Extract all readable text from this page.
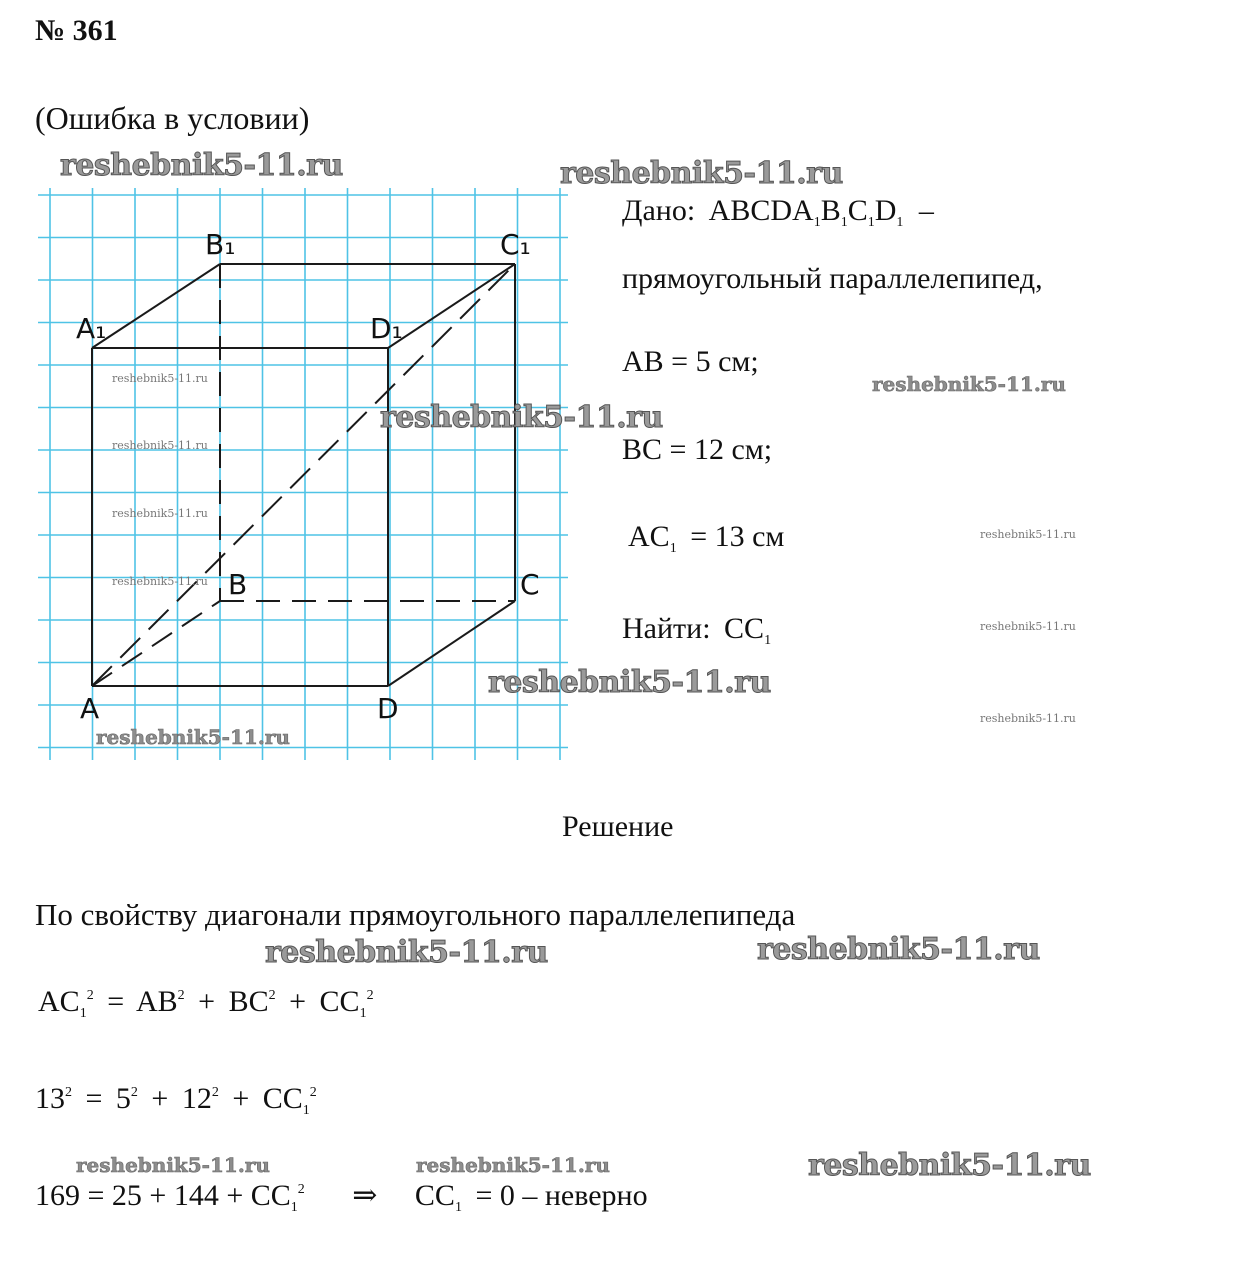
№ 361
(Ошибка в условии)
A	D
B	C
A₁	D₁
B₁	C₁
Дано: $ABCDA_1B_1C_1D_1$ –
прямоугольный параллелепипед,
AB = 5 см;
BC = 12 см;
$AC_1 = 13$ см
Найти: $CC_1$
Решение
По свойству диагонали прямоугольного параллелепипеда
$AC_1^2 = AB^2 + BC^2 + CC_1^2$
$13^2 = 5^2 + 12^2 + CC_1^2$
$169 = 25 + 144 + CC_1^2$ ⇒ $CC_1 = 0$ – неверно
reshebnik5-11.ru	reshebnik5-11.ru
reshebnik5-11.ru
reshebnik5-11.ru
reshebnik5-11.ru
reshebnik5-11.ru
reshebnik5-11.ru	reshebnik5-11.ru
reshebnik5-11.ru	reshebnik5-11.ru	reshebnik5-11.ru
reshebnik5-11.ru
reshebnik5-11.ru
reshebnik5-11.ru
reshebnik5-11.ru
reshebnik5-11.ru
reshebnik5-11.ru
reshebnik5-11.ru
